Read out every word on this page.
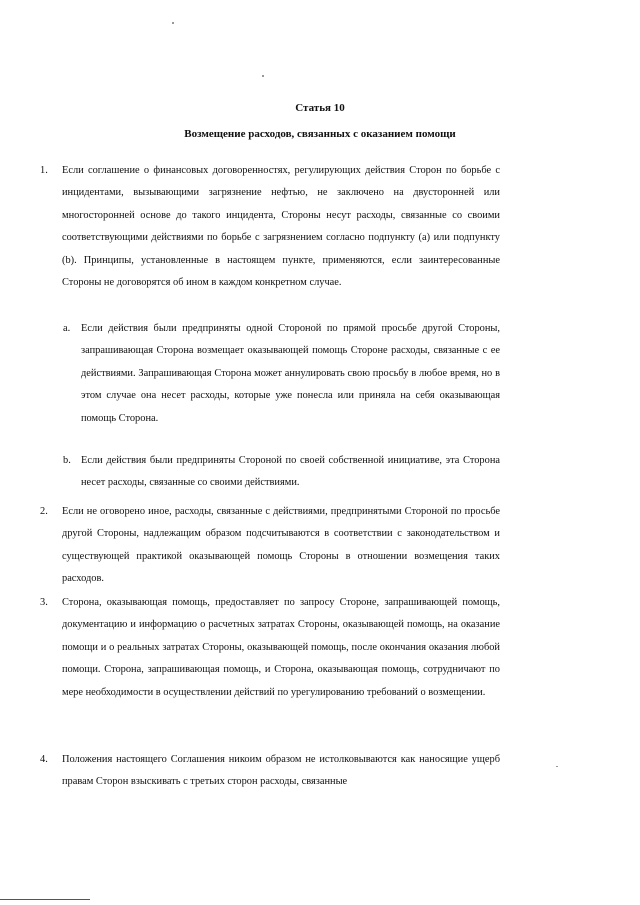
Статья 10
Возмещение расходов, связанных с оказанием помощи
1. Если соглашение о финансовых договоренностях, регулирующих действия Сторон по борьбе с инцидентами, вызывающими загрязнение нефтью, не заключено на двусторонней или многосторонней основе до такого инцидента, Стороны несут расходы, связанные со своими соответствующими действиями по борьбе с загрязнением согласно подпункту (a) или подпункту (b). Принципы, установленные в настоящем пункте, применяются, если заинтересованные Стороны не договорятся об ином в каждом конкретном случае.
a. Если действия были предприняты одной Стороной по прямой просьбе другой Стороны, запрашивающая Сторона возмещает оказывающей помощь Стороне расходы, связанные с ее действиями. Запрашивающая Сторона может аннулировать свою просьбу в любое время, но в этом случае она несет расходы, которые уже понесла или приняла на себя оказывающая помощь Сторона.
b. Если действия были предприняты Стороной по своей собственной инициативе, эта Сторона несет расходы, связанные со своими действиями.
2. Если не оговорено иное, расходы, связанные с действиями, предпринятыми Стороной по просьбе другой Стороны, надлежащим образом подсчитываются в соответствии с законодательством и существующей практикой оказывающей помощь Стороны в отношении возмещения таких расходов.
3. Сторона, оказывающая помощь, предоставляет по запросу Стороне, запрашивающей помощь, документацию и информацию о расчетных затратах Стороны, оказывающей помощь, на оказание помощи и о реальных затратах Стороны, оказывающей помощь, после окончания оказания любой помощи. Сторона, запрашивающая помощь, и Сторона, оказывающая помощь, сотрудничают по мере необходимости в осуществлении действий по урегулированию требований о возмещении.
4. Положения настоящего Соглашения никоим образом не истолковываются как наносящие ущерб правам Сторон взыскивать с третьих сторон расходы, связанные
